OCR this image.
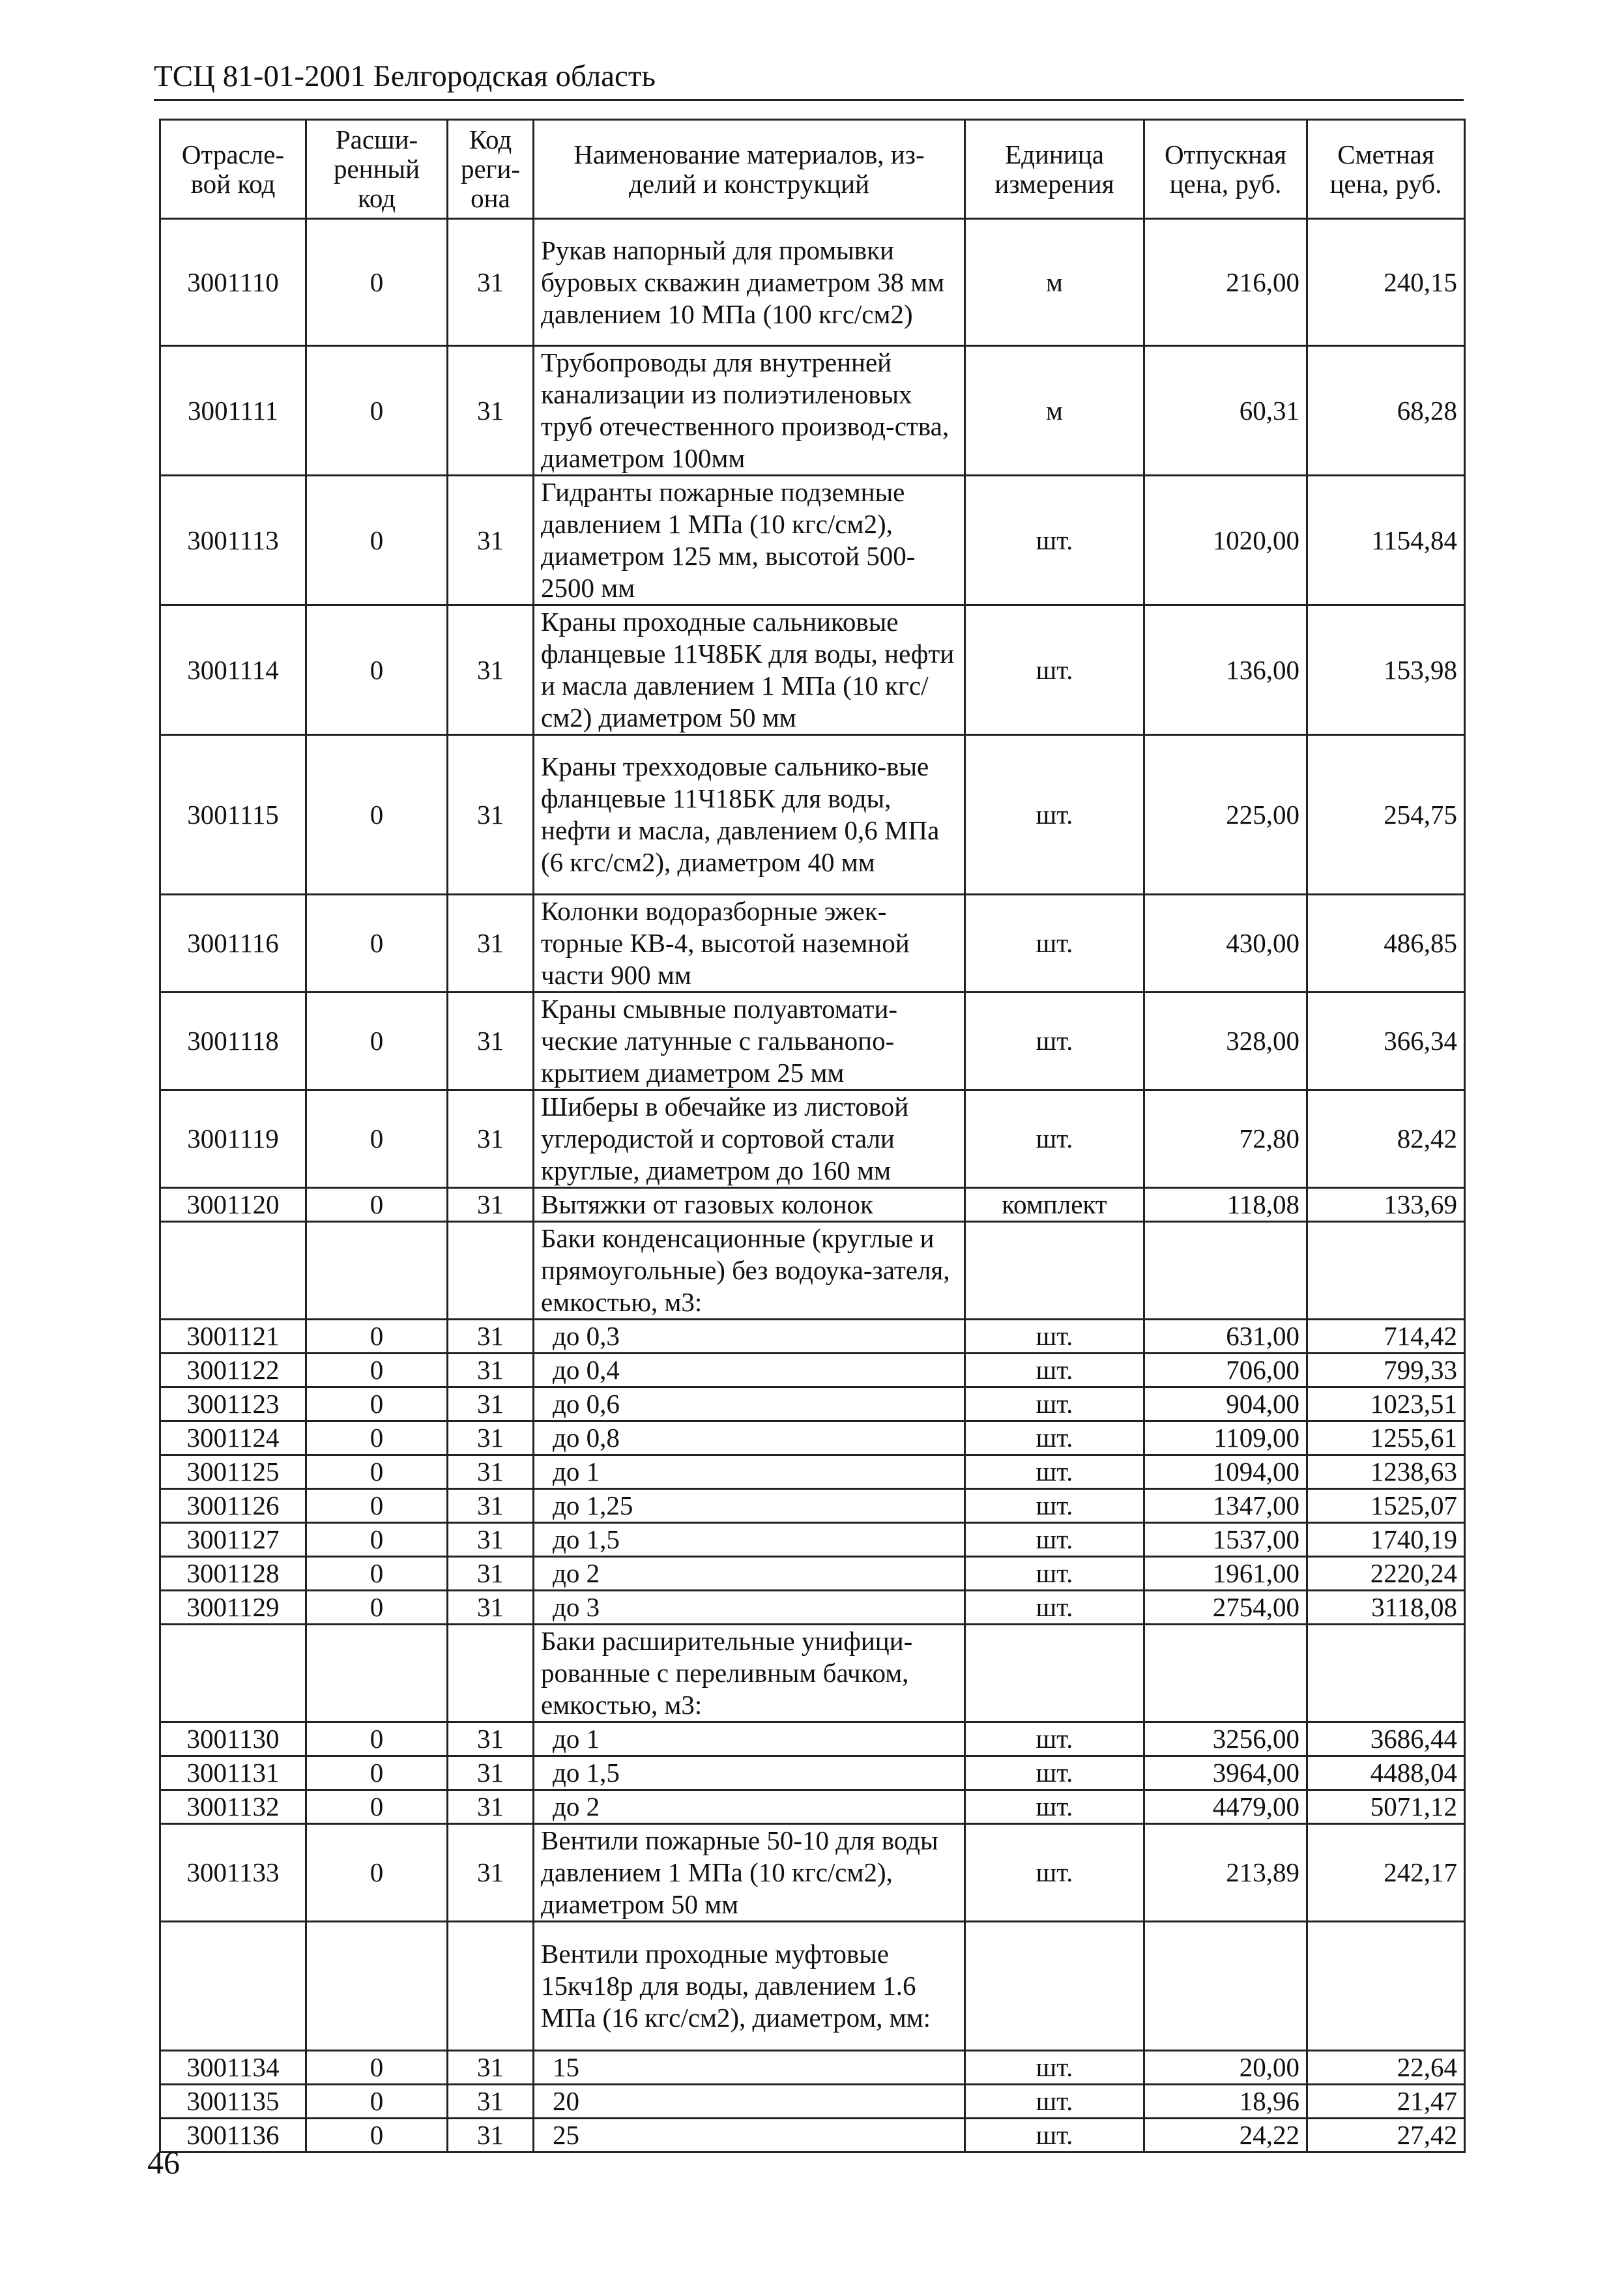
ТСЦ 81-01-2001 Белгородская область
Отрасле-вой код	Расши-ренный код	Код реги-она	Наименование материалов, из-делий и конструкций	Единица измерения	Отпускная цена, руб.	Сметная цена, руб.
3001110	0	31	Рукав напорный для промывки буровых скважин диаметром 38 мм давлением 10 МПа (100 кгс/см2)	м	216,00	240,15
3001111	0	31	Трубопроводы для внутренней канализации из полиэтиленовых труб отечественного производ-ства, диаметром 100мм	м	60,31	68,28
3001113	0	31	Гидранты пожарные подземные давлением 1 МПа (10 кгс/см2), диаметром 125 мм, высотой 500-2500 мм	шт.	1020,00	1154,84
3001114	0	31	Краны проходные сальниковые фланцевые 11Ч8БК для воды, нефти и масла давлением 1 МПа (10 кгс/см2) диаметром 50 мм	шт.	136,00	153,98
3001115	0	31	Краны трехходовые сальнико-вые фланцевые 11Ч18БК для воды, нефти и масла, давлением 0,6 МПа (6 кгс/см2), диаметром 40 мм	шт.	225,00	254,75
3001116	0	31	Колонки водоразборные эжек-торные КВ-4, высотой наземной части 900 мм	шт.	430,00	486,85
3001118	0	31	Краны смывные полуавтомати-ческие латунные с гальванопо-крытием диаметром 25 мм	шт.	328,00	366,34
3001119	0	31	Шиберы в обечайке из листовой углеродистой и сортовой стали круглые, диаметром до 160 мм	шт.	72,80	82,42
3001120	0	31	Вытяжки от газовых колонок	комплект	118,08	133,69
			Баки конденсационные (круглые и прямоугольные) без водоука-зателя, емкостью, м3:			
3001121	0	31	до 0,3	шт.	631,00	714,42
3001122	0	31	до 0,4	шт.	706,00	799,33
3001123	0	31	до 0,6	шт.	904,00	1023,51
3001124	0	31	до 0,8	шт.	1109,00	1255,61
3001125	0	31	до 1	шт.	1094,00	1238,63
3001126	0	31	до 1,25	шт.	1347,00	1525,07
3001127	0	31	до 1,5	шт.	1537,00	1740,19
3001128	0	31	до 2	шт.	1961,00	2220,24
3001129	0	31	до 3	шт.	2754,00	3118,08
			Баки расширительные унифици-рованные с переливным бачком, емкостью, м3:			
3001130	0	31	до 1	шт.	3256,00	3686,44
3001131	0	31	до 1,5	шт.	3964,00	4488,04
3001132	0	31	до 2	шт.	4479,00	5071,12
3001133	0	31	Вентили пожарные 50-10 для воды давлением 1 МПа (10 кгс/см2), диаметром 50 мм	шт.	213,89	242,17
			Вентили проходные муфтовые 15кч18р для воды, давлением 1.6 МПа (16 кгс/см2), диаметром, мм:			
3001134	0	31	15	шт.	20,00	22,64
3001135	0	31	20	шт.	18,96	21,47
3001136	0	31	25	шт.	24,22	27,42
46
